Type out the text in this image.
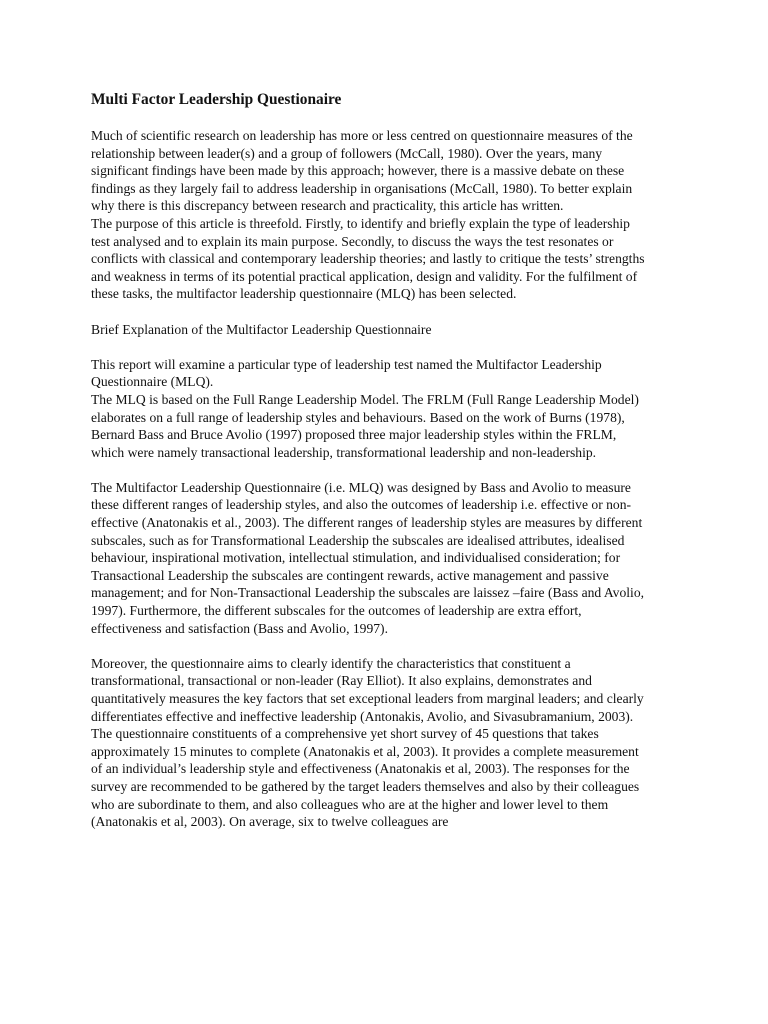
Multi Factor Leadership Questionaire

Much of scientific research on leadership has more or less centred on questionnaire measures of the relationship between leader(s) and a group of followers (McCall, 1980). Over the years, many significant findings have been made by this approach; however, there is a massive debate on these findings as they largely fail to address leadership in organisations (McCall, 1980). To better explain why there is this discrepancy between research and practicality, this article has written.

The purpose of this article is threefold. Firstly, to identify and briefly explain the type of leadership test analysed and to explain its main purpose. Secondly, to discuss the ways the test resonates or conflicts with classical and contemporary leadership theories; and lastly to critique the tests’ strengths and weakness in terms of its potential practical application, design and validity. For the fulfilment of these tasks, the multifactor leadership questionnaire (MLQ) has been selected.

Brief Explanation of the Multifactor Leadership Questionnaire

This report will examine a particular type of leadership test named the Multifactor Leadership Questionnaire (MLQ).

The MLQ is based on the Full Range Leadership Model. The FRLM (Full Range Leadership Model) elaborates on a full range of leadership styles and behaviours. Based on the work of Burns (1978), Bernard Bass and Bruce Avolio (1997) proposed three major leadership styles within the FRLM, which were namely transactional leadership, transformational leadership and non-leadership.

The Multifactor Leadership Questionnaire (i.e. MLQ) was designed by Bass and Avolio to measure these different ranges of leadership styles, and also the outcomes of leadership i.e. effective or non-effective (Anatonakis et al., 2003). The different ranges of leadership styles are measures by different subscales, such as for Transformational Leadership the subscales are idealised attributes, idealised behaviour, inspirational motivation, intellectual stimulation, and individualised consideration; for Transactional Leadership the subscales are contingent rewards, active management and passive management; and for Non-Transactional Leadership the subscales are laissez –faire (Bass and Avolio, 1997). Furthermore, the different subscales for the outcomes of leadership are extra effort, effectiveness and satisfaction (Bass and Avolio, 1997).

Moreover, the questionnaire aims to clearly identify the characteristics that constituent a transformational, transactional or non-leader (Ray Elliot). It also explains, demonstrates and quantitatively measures the key factors that set exceptional leaders from marginal leaders; and clearly differentiates effective and ineffective leadership (Antonakis, Avolio, and Sivasubramanium, 2003).

The questionnaire constituents of a comprehensive yet short survey of 45 questions that takes approximately 15 minutes to complete (Anatonakis et al, 2003). It provides a complete measurement of an individual’s leadership style and effectiveness (Anatonakis et al, 2003). The responses for the survey are recommended to be gathered by the target leaders themselves and also by their colleagues who are subordinate to them, and also colleagues who are at the higher and lower level to them (Anatonakis et al, 2003). On average, six to twelve colleagues are
